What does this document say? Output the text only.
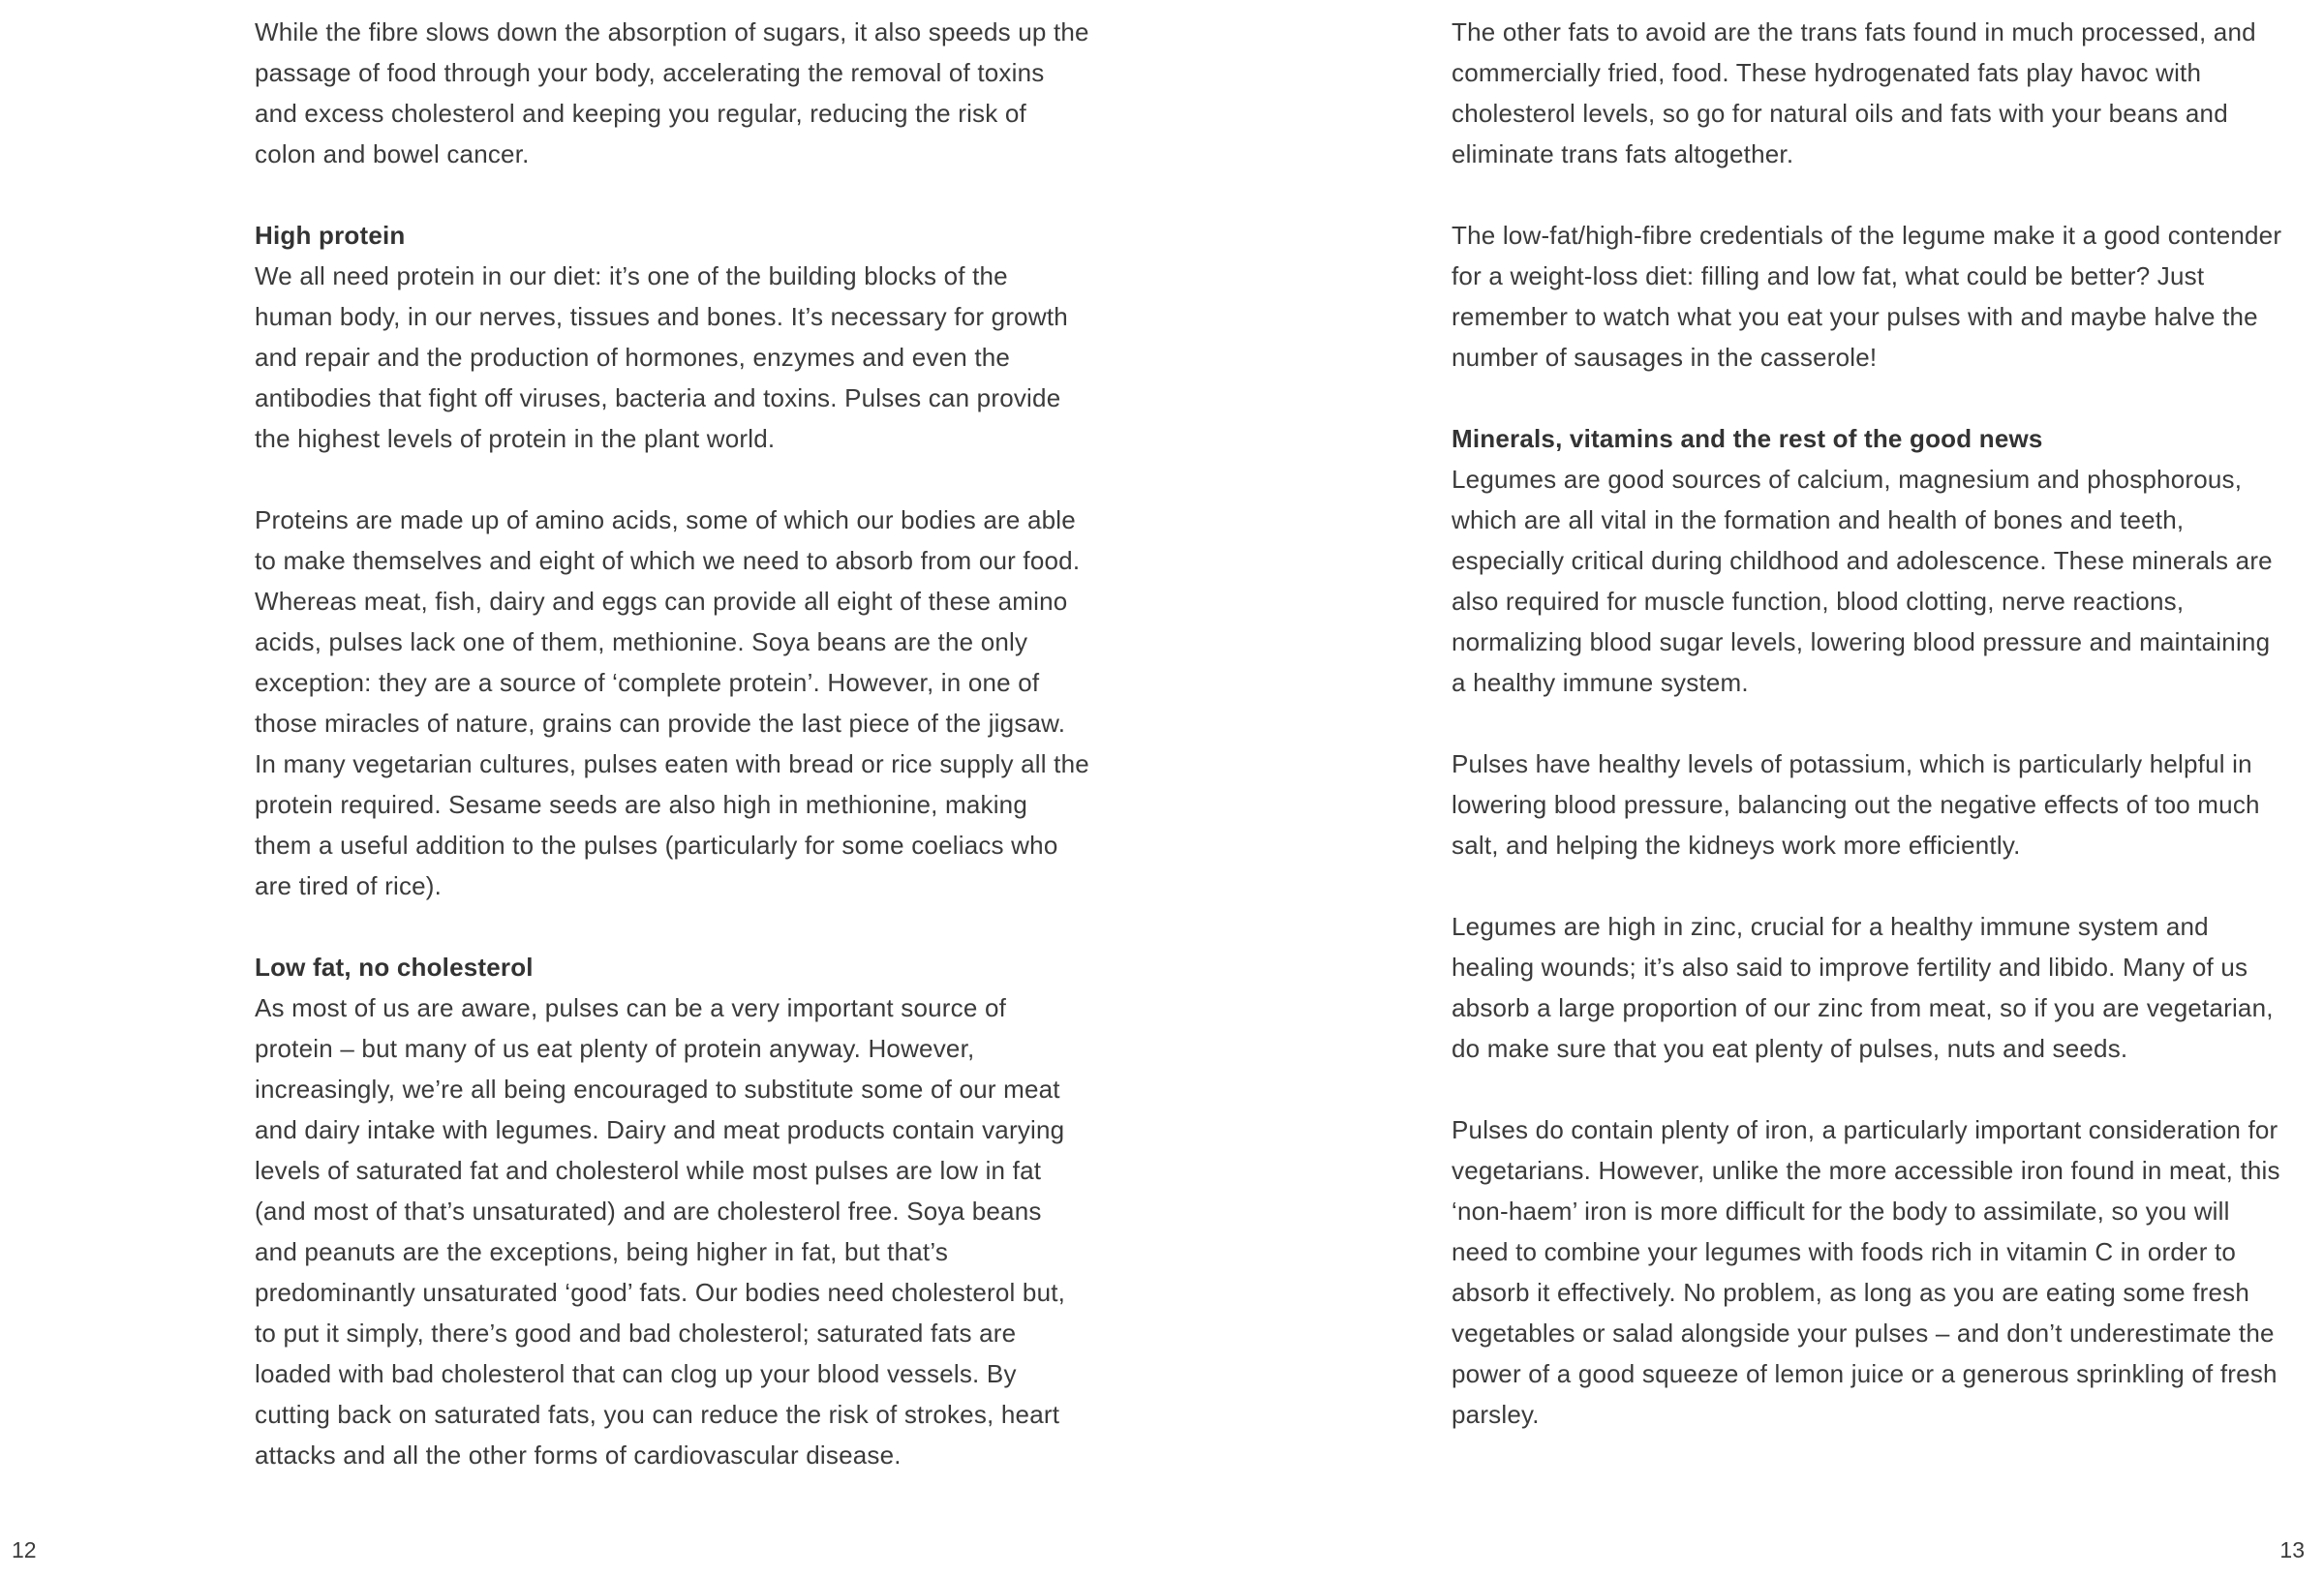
While the fibre slows down the absorption of sugars, it also speeds up the passage of food through your body, accelerating the removal of toxins and excess cholesterol and keeping you regular, reducing the risk of colon and bowel cancer.

High protein

We all need protein in our diet: it’s one of the building blocks of the human body, in our nerves, tissues and bones. It’s necessary for growth and repair and the production of hormones, enzymes and even the antibodies that fight off viruses, bacteria and toxins. Pulses can provide the highest levels of protein in the plant world.

Proteins are made up of amino acids, some of which our bodies are able to make themselves and eight of which we need to absorb from our food. Whereas meat, fish, dairy and eggs can provide all eight of these amino acids, pulses lack one of them, methionine. Soya beans are the only exception: they are a source of ‘complete protein’. However, in one of those miracles of nature, grains can provide the last piece of the jigsaw. In many vegetarian cultures, pulses eaten with bread or rice supply all the protein required. Sesame seeds are also high in methionine, making them a useful addition to the pulses (particularly for some coeliacs who are tired of rice).

Low fat, no cholesterol

As most of us are aware, pulses can be a very important source of protein – but many of us eat plenty of protein anyway. However, increasingly, we’re all being encouraged to substitute some of our meat and dairy intake with legumes. Dairy and meat products contain varying levels of saturated fat and cholesterol while most pulses are low in fat (and most of that’s unsaturated) and are cholesterol free. Soya beans and peanuts are the exceptions, being higher in fat, but that’s predominantly unsaturated ‘good’ fats. Our bodies need cholesterol but, to put it simply, there’s good and bad cholesterol; saturated fats are loaded with bad cholesterol that can clog up your blood vessels. By cutting back on saturated fats, you can reduce the risk of strokes, heart attacks and all the other forms of cardiovascular disease.

12

The other fats to avoid are the trans fats found in much processed, and commercially fried, food. These hydrogenated fats play havoc with cholesterol levels, so go for natural oils and fats with your beans and eliminate trans fats altogether.

The low-fat/high-fibre credentials of the legume make it a good contender for a weight-loss diet: filling and low fat, what could be better? Just remember to watch what you eat your pulses with and maybe halve the number of sausages in the casserole!

Minerals, vitamins and the rest of the good news

Legumes are good sources of calcium, magnesium and phosphorous, which are all vital in the formation and health of bones and teeth, especially critical during childhood and adolescence. These minerals are also required for muscle function, blood clotting, nerve reactions, normalizing blood sugar levels, lowering blood pressure and maintaining a healthy immune system.

Pulses have healthy levels of potassium, which is particularly helpful in lowering blood pressure, balancing out the negative effects of too much salt, and helping the kidneys work more efficiently.

Legumes are high in zinc, crucial for a healthy immune system and healing wounds; it’s also said to improve fertility and libido. Many of us absorb a large proportion of our zinc from meat, so if you are vegetarian, do make sure that you eat plenty of pulses, nuts and seeds.

Pulses do contain plenty of iron, a particularly important consideration for vegetarians. However, unlike the more accessible iron found in meat, this ‘non-haem’ iron is more difficult for the body to assimilate, so you will need to combine your legumes with foods rich in vitamin C in order to absorb it effectively. No problem, as long as you are eating some fresh vegetables or salad alongside your pulses – and don’t underestimate the power of a good squeeze of lemon juice or a generous sprinkling of fresh parsley.

13
